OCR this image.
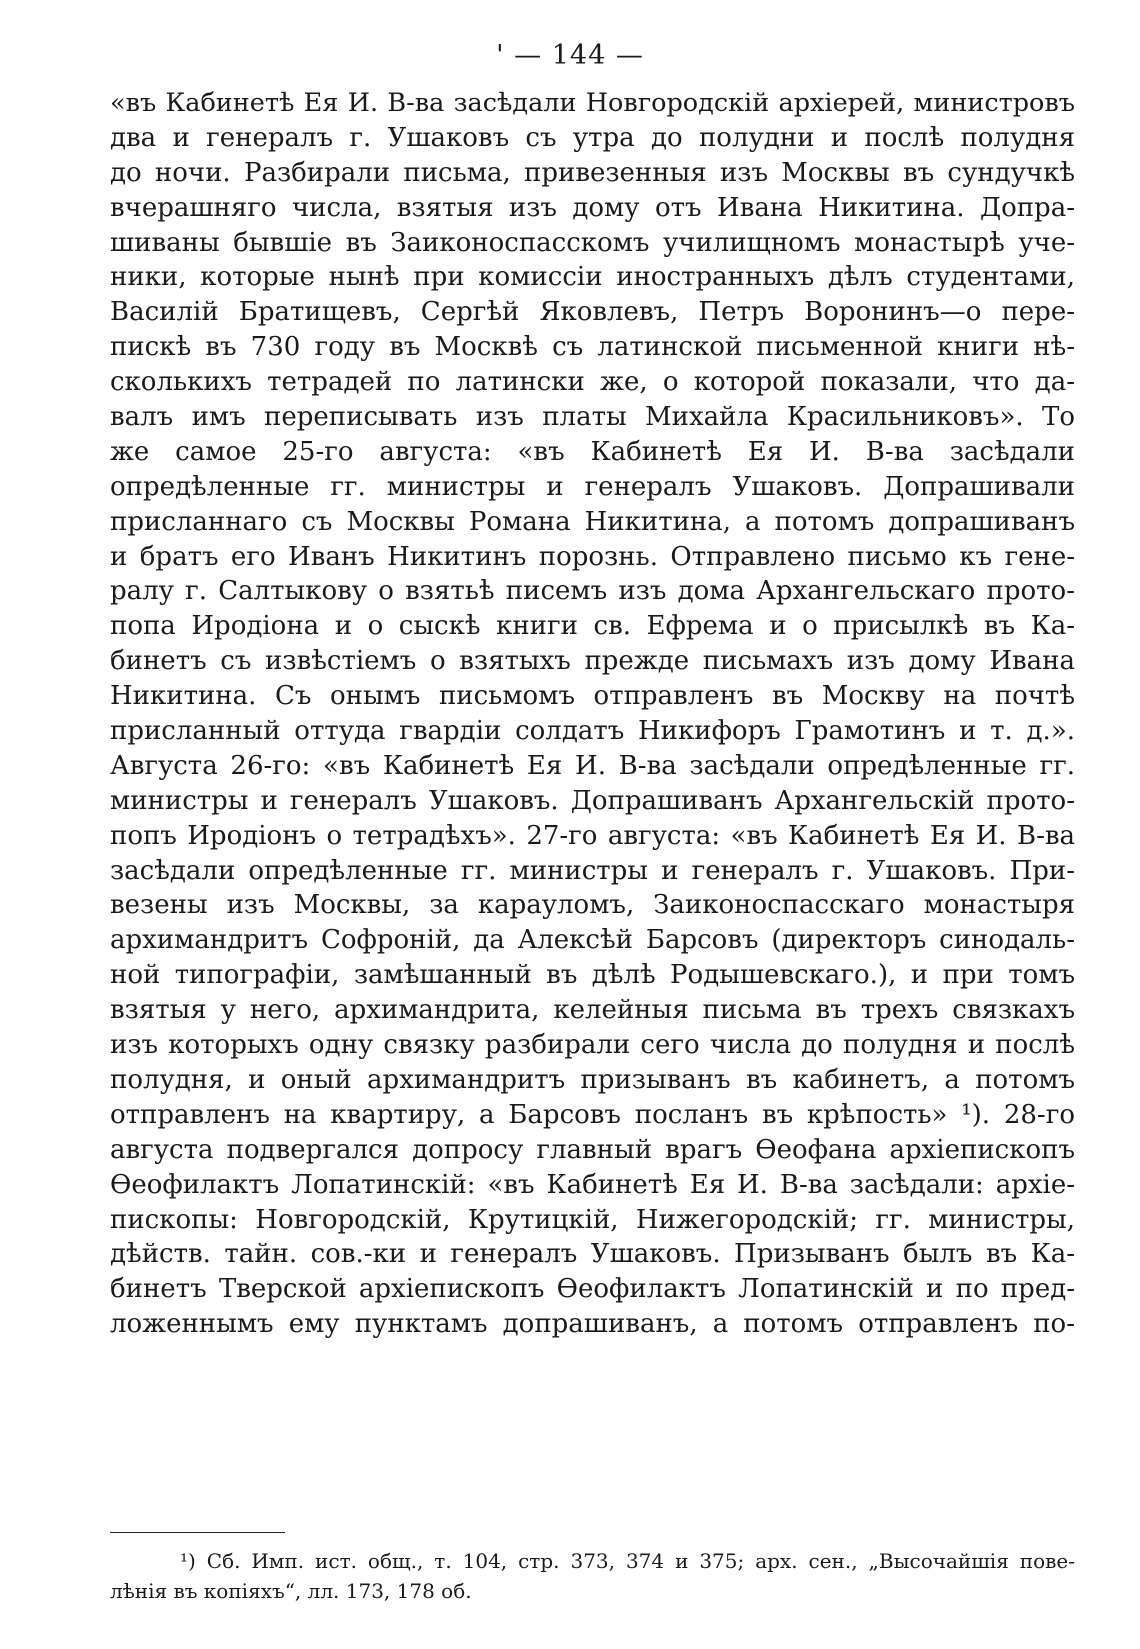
' — 144 —
«въ Кабинетѣ Ея И. В-ва засѣдали Новгородскій архіерей, министровъ
два и генералъ г. Ушаковъ съ утра до полудни и послѣ полудня
до ночи. Разбирали письма, привезенныя изъ Москвы въ сундучкѣ
вчерашняго числа, взятыя изъ дому отъ Ивана Никитина. Допра-
шиваны бывшіе въ Заиконоспасскомъ училищномъ монастырѣ уче-
ники, которые нынѣ при комиссіи иностранныхъ дѣлъ студентами,
Василій Братищевъ, Сергѣй Яковлевъ, Петръ Воронинъ—о пере-
пискѣ въ 730 году въ Москвѣ съ латинской письменной книги нѣ-
сколькихъ тетрадей по латински же, о которой показали, что да-
валъ имъ переписывать изъ платы Михайла Красильниковъ». То
же самое 25-го августа: «въ Кабинетѣ Ея И. В-ва засѣдали
опредѣленные гг. министры и генералъ Ушаковъ. Допрашивали
присланнаго съ Москвы Романа Никитина, а потомъ допрашиванъ
и братъ его Иванъ Никитинъ порознь. Отправлено письмо къ гене-
ралу г. Салтыкову о взятьѣ писемъ изъ дома Архангельскаго прото-
попа Иродіона и о сыскѣ книги св. Ефрема и о присылкѣ въ Ка-
бинетъ съ извѣстіемъ о взятыхъ прежде письмахъ изъ дому Ивана
Никитина. Съ онымъ письмомъ отправленъ въ Москву на почтѣ
присланный оттуда гвардіи солдатъ Никифоръ Грамотинъ и т. д.».
Августа 26-го: «въ Кабинетѣ Ея И. В-ва засѣдали опредѣленные гг.
министры и генералъ Ушаковъ. Допрашиванъ Архангельскій прото-
попъ Иродіонъ о тетрадѣхъ». 27-го августа: «въ Кабинетѣ Ея И. В-ва
засѣдали опредѣленные гг. министры и генералъ г. Ушаковъ. При-
везены изъ Москвы, за карауломъ, Заиконоспасскаго монастыря
архимандритъ Софроній, да Алексѣй Барсовъ (директоръ синодаль-
ной типографіи, замѣшанный въ дѣлѣ Родышевскаго.), и при томъ
взятыя у него, архимандрита, келейныя письма въ трехъ связкахъ
изъ которыхъ одну связку разбирали сего числа до полудня и послѣ
полудня, и оный архимандритъ призыванъ въ кабинетъ, а потомъ
отправленъ на квартиру, а Барсовъ посланъ въ крѣпость» ¹). 28-го
августа подвергался допросу главный врагъ Ѳеофана архіепископъ
Ѳеофилактъ Лопатинскій: «въ Кабинетѣ Ея И. В-ва засѣдали: архіе-
пископы: Новгородскій, Крутицкій, Нижегородскій; гг. министры,
дѣйств. тайн. сов.-ки и генералъ Ушаковъ. Призыванъ былъ въ Ка-
бинетъ Тверской архіепископъ Ѳеофилактъ Лопатинскій и по пред-
ложеннымъ ему пунктамъ допрашиванъ, а потомъ отправленъ по-
¹) Сб. Имп. ист. общ., т. 104, стр. 373, 374 и 375; арх. сен., „Высочайшія пове-
лѣнія въ копіяхъ“, лл. 173, 178 об.
